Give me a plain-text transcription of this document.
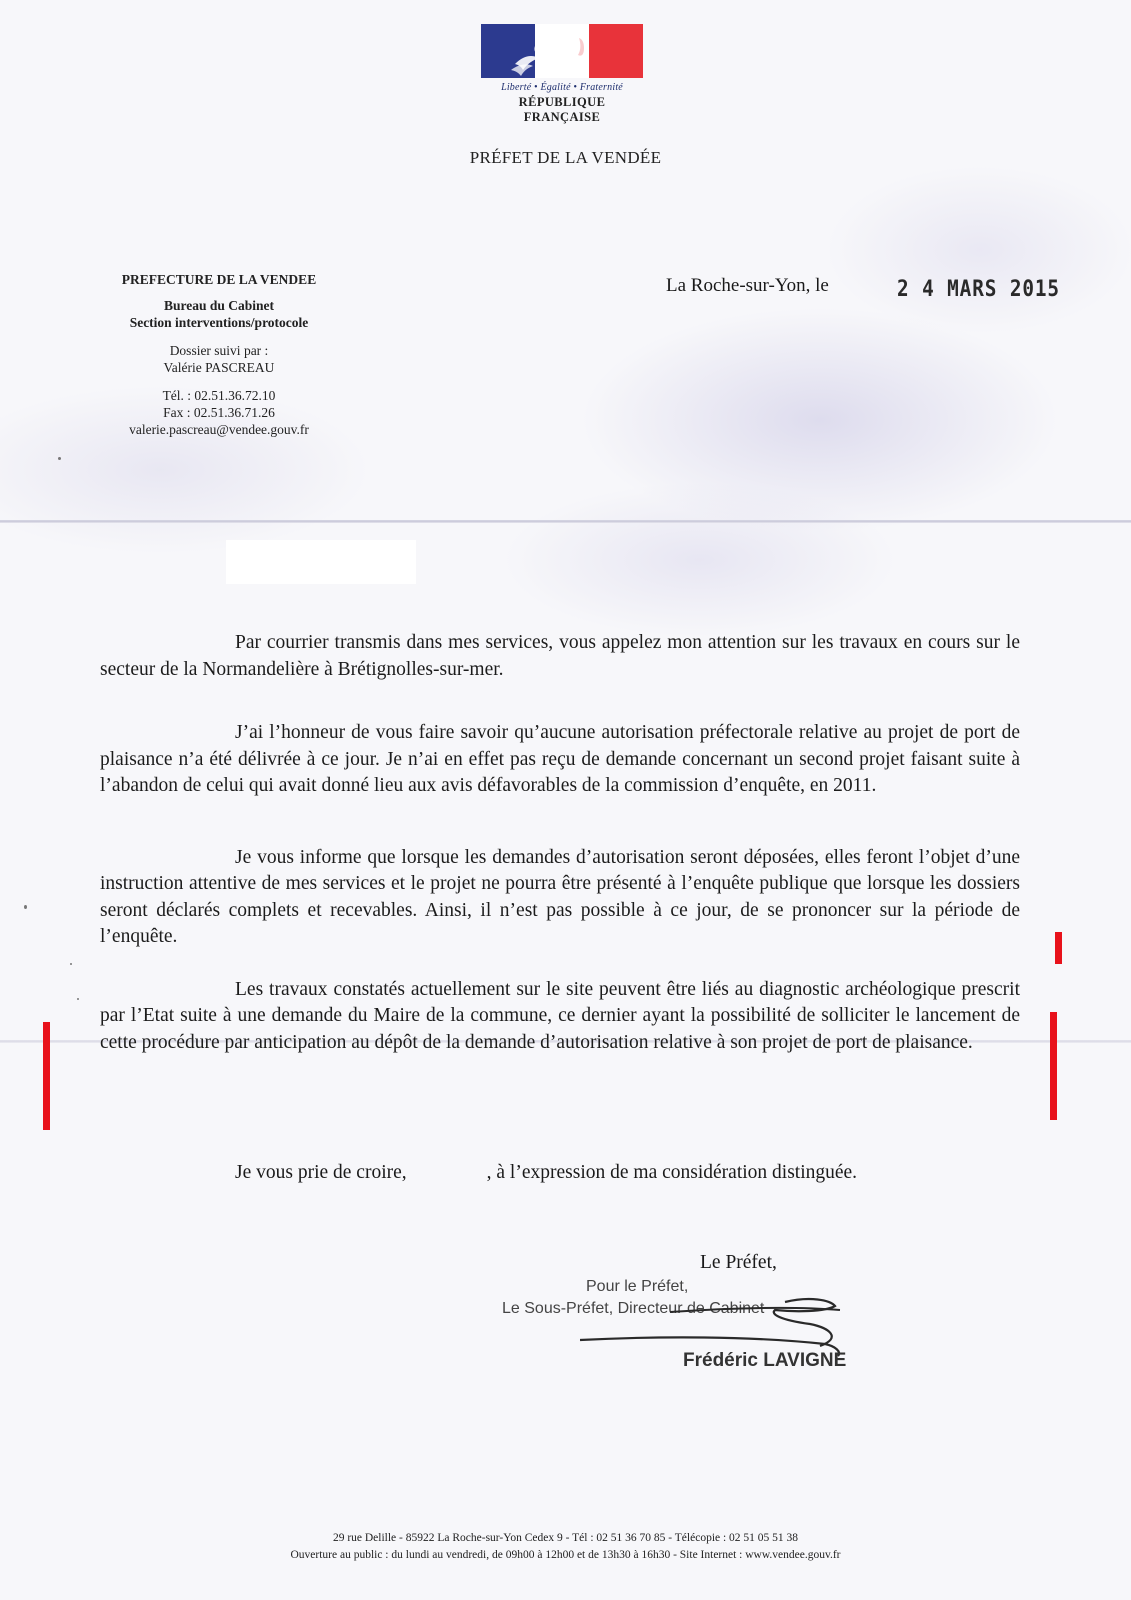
Liberté • Égalité • Fraternité
RÉPUBLIQUE FRANÇAISE
PRÉFET DE LA VENDÉE
PREFECTURE DE LA VENDEE
Bureau du Cabinet
Section interventions/protocole
Dossier suivi par :
Valérie PASCREAU
Tél. : 02.51.36.72.10
Fax : 02.51.36.71.26
valerie.pascreau@vendee.gouv.fr
La Roche-sur-Yon, le	2 4 MARS 2015

Par courrier transmis dans mes services, vous appelez mon attention sur les travaux en cours sur le secteur de la Normandelière à Brétignolles-sur-mer.

J’ai l’honneur de vous faire savoir qu’aucune autorisation préfectorale relative au projet de port de plaisance n’a été délivrée à ce jour. Je n’ai en effet pas reçu de demande concernant un second projet faisant suite à l’abandon de celui qui avait donné lieu aux avis défavorables de la commission d’enquête, en 2011.

Je vous informe que lorsque les demandes d’autorisation seront déposées, elles feront l’objet d’une instruction attentive de mes services et le projet ne pourra être présenté à l’enquête publique que lorsque les dossiers seront déclarés complets et recevables. Ainsi, il n’est pas possible à ce jour, de se prononcer sur la période de l’enquête.

Les travaux constatés actuellement sur le site peuvent être liés au diagnostic archéologique prescrit par l’Etat suite à une demande du Maire de la commune, ce dernier ayant la possibilité de solliciter le lancement de cette procédure par anticipation au dépôt de la demande d’autorisation relative à son projet de port de plaisance.

Je vous prie de croire,	, à l’expression de ma considération distinguée.
Le Préfet,
Pour le Préfet,
Le Sous-Préfet, Directeur de Cabinet
Frédéric LAVIGNE
29 rue Delille - 85922 La Roche-sur-Yon Cedex 9 - Tél : 02 51 36 70 85 - Télécopie : 02 51 05 51 38
Ouverture au public : du lundi au vendredi, de 09h00 à 12h00 et de 13h30 à 16h30 - Site Internet : www.vendee.gouv.fr
